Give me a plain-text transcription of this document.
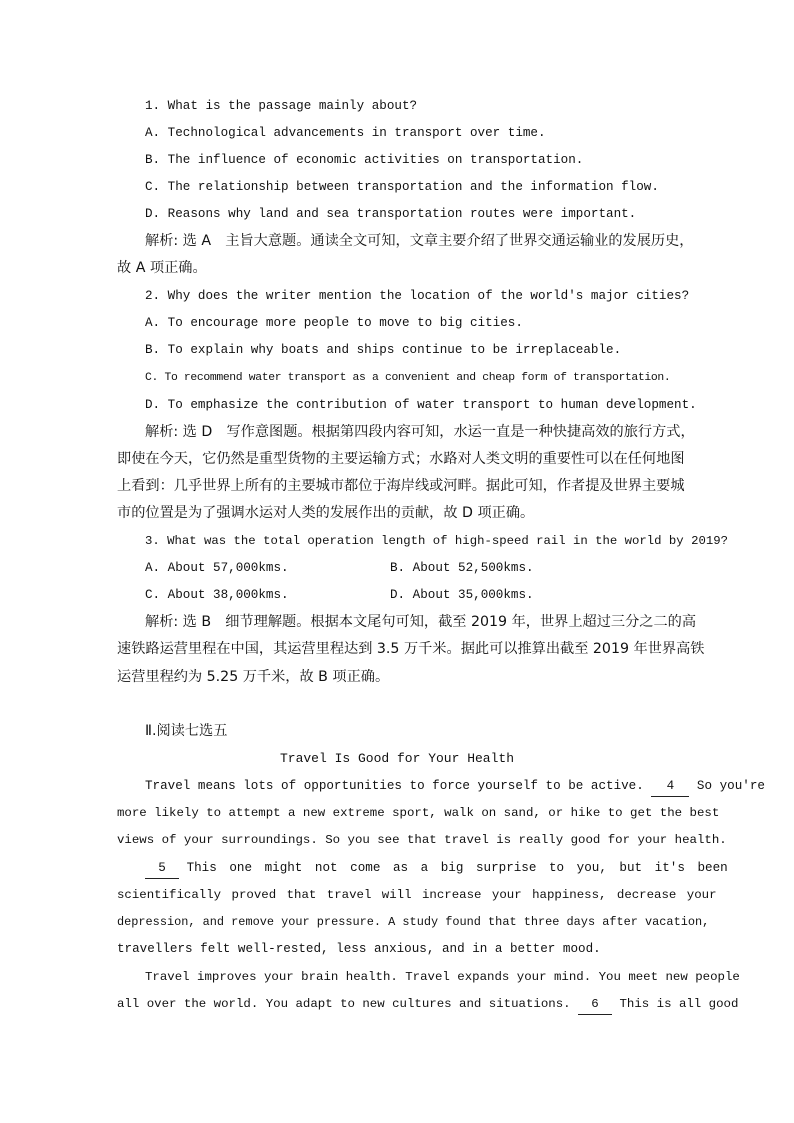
1. What is the passage mainly about?
A. Technological advancements in transport over time.
B. The influence of economic activities on transportation.
C. The relationship between transportation and the information flow.
D. Reasons why land and sea transportation routes were important.
解析: 选 A　主旨大意题。通读全文可知，文章主要介绍了世界交通运输业的发展历史，
故 A 项正确。
2. Why does the writer mention the location of the world's major cities?
A. To encourage more people to move to big cities.
B. To explain why boats and ships continue to be irreplaceable.
C. To recommend water transport as a convenient and cheap form of transportation.
D. To emphasize the contribution of water transport to human development.
解析: 选 D　写作意图题。根据第四段内容可知，水运一直是一种快捷高效的旅行方式，
即使在今天，它仍然是重型货物的主要运输方式；水路对人类文明的重要性可以在任何地图
上看到：几乎世界上所有的主要城市都位于海岸线或河畔。据此可知，作者提及世界主要城
市的位置是为了强调水运对人类的发展作出的贡献，故 D 项正确。
3. What was the total operation length of high-speed rail in the world by 2019?
A. About 57,000kms.	B. About 52,500kms.
C. About 38,000kms.	D. About 35,000kms.
解析: 选 B　细节理解题。根据本文尾句可知，截至 2019 年，世界上超过三分之二的高
速铁路运营里程在中国，其运营里程达到 3.5 万千米。据此可以推算出截至 2019 年世界高铁
运营里程约为 5.25 万千米，故 B 项正确。
Ⅱ.阅读七选五
Travel Is Good for Your Health
Travel means lots of opportunities to force yourself to be active. 4 So you're
more likely to attempt a new extreme sport, walk on sand, or hike to get the best
views of your surroundings. So you see that travel is really good for your health.
5 This one might not come as a big surprise to you, but it's been
scientifically proved that travel will increase your happiness, decrease your
depression, and remove your pressure. A study found that three days after vacation,
travellers felt well-rested, less anxious, and in a better mood.
Travel improves your brain health. Travel expands your mind. You meet new people
all over the world. You adapt to new cultures and situations. 6 This is all good
